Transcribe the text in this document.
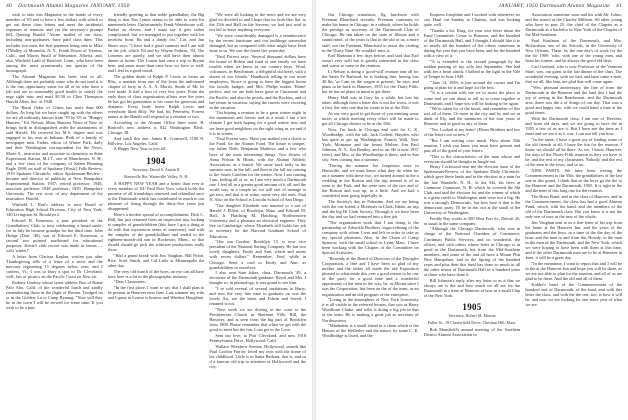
40 Dartmouth Alumni Magazine JANUARY, 1950

wish to take this Magazine in the hands of every member of '03 and to have a few dollars with which to get out these class letters and meet the incidental expenses of reunion, and yet the secretary's prompt bill, Quoting Harold "Alone. mailed of our class, including non-graduates, have paid class dues. This includes two men, the first payment being sent to Mike O'Malley of Monrolia, N. Y., Frank Dowst of Trenton, Calif., and Morris Small of Edmonton, Alberta, and, also, Winfield Ladd of Hartford, Conn., who have been among the most prominently our queries of the monograph.

The Alumni Magazine has been sent to all. Although there are probably some who do not read it, it is the one opportunity some for all of us who have a job and are in reasonably good health to satisfy the urge right now and mail $5.50 to Clint Thompson Harold Allen, Sec. at 1948.

The Rural Order of Clines has more than 600 dollars. As long list we have caught up with the others we are all militarily known from '59 by '05 as "Hungry Hunters." Ed. Nelson, Main, Rumory News of New. of brings forth in distinguished order the attainments of said Harold. He received his M.S. degree and was engaged to his own at Indiana. Both of a family of newspaper men. Father, editor of Winter Park; daily and their Washington correspondent for the News, Marie A., instructor and associate in chemistry in State Experiment Station, M.I.T., one of Manchester, N. H., and a few class of the company of Salem Beaming Eagle 1908; on staff of Spokane (Wash.) Falls Review; 1919 Spokane Chronicle, editor Spokesman-Review ; became and director of publicity at New Hampshire Experimental Station, 1937; retired professor; 1946, associate professor 1948 professor; 1950, Hampshire University. The rest story of any department of the institution. Harold.

Winfield L. Ratt's address is now Board of Education High School Division, City of New York, 140 Livingston St. Brooklyn 2.

Edward H. Kenerson, a past president of the Grandfathers' Club, is now celebrating a broad smile, for in July he became grandpa for the third time. John Hodge (Dart. '49), son of Edward E. Kenerson, a second son pointed northward for educational purposes. Kenie's club record was made in tennis — with 'winter!'

A letter from Clarissa Kaplan, written just after Thanksgiving tells of a letter of a snow and the mercury registering 15 degrees below zero, and I confess, Vt., I was so busy a spot to Dr. Cleveland, well, lots of picnics on the Pacific Coast on New sir.

Rodney Lindsay whose latest address Box of Rome Palo Alto, Calif. of the wonderful lunch and kindly remembering those in the flight of Boston. Trudged on or in the Golden, Lo to Camp Bynung. "Now will they be in the town I will be stewed for some time. If you wish to be a part

friendly greeting to that noble grandfather, the Big thing is that Tim Lenon seems to be able to write his nineteenth letter. Unfortunately Frank Waterhouse will, Parker an eleven, and I must say it gets rather complicated, but we managed to put together with his loveliest front. Ha and a dandy too." Lin, and Jim Shoes says, "I have had a good summer and I am still on the job, which '04 and by Wayne Perkins, '04, The Limenos are quietly, and we still have their almost dinner at home. The Limen had once a trip to Bryant here, and sauer more than once how we have so well, and I feel in a good mood.

The golden death of Ralph P. Lewis as better an Illin., a masters from one of the from the unlicensed chapter of forty as A. A. A. Morris, Smith of Mr. he ever made. It had a host of very few years. From the early days of class organization affairs over the years he has got his generation to his cause for generous and dynamic. Every body knew Ralph Lewis and everybody liked Billy. We had, his Petersens, Forrest nature at the Bandit will respond to a reunion or two.

According to the Alumni Office lines meet. R. Binford's new address is 842 Washington Blvd., Chicago, Ill.

And catch this one, James R. Cromwell, 1180 N. Hillview, Los Angeles, Calif.

A Happy New Year to you all.

1904
Secretary, David S. Austin II
Waterville Rte, Waterville Valley, N. H.

A HAPPY NEW YEAR and a better than ever to every member of '04! Paul Dorr Voor, which holds the promise of all friendships renewed and rekindled once to the Dartmouth which has contributed so much to our pleasure of living through the thirty-five years just disappeared.

Here's a modest spread of accomplishment. Dick C. Hall, has just returned from an inspection trip, looking at samples of grandchildren (this have I got a thing to do with that mysterious sense of intervene), and with the samples of the grandchildren and ended to the eighteen-month-old son in Rochester, Minn., so that should should go pick the widower productions really show.

"Had a grand break with Jim Vaughan, Bill Pelott, Rice, Scott Smith, and Cal Little at Minneapolis the other day.

The very old bunch of the boys, an eye can all have have here is a lot in the photographic industry.

"Dear Classmates:

"In the first place, I want to say that I shall plan to be present in Hanover next June. Last summer my wife and I spent in Louise is hostess and Windsor Houghton

"We were all looking to the news and we are very glad we decided so and I hope that we both like. Sat. to the 25th and Hall on the Stevens, we had just read to not fail to leave anything everyone.

"We were considerably damaged is a reminiscence by the recent hurricane and our buildings somewhat damaged, but as compared with what might have been done to us. We saw the forest fire yesterday.

"Paul Forrest says: 'Several thousand dollars have the house of Robert and fund of one family we have trouble when we know as our country boys. Wind, volcanoes, in Beachmont, a delightful old hotel, with a dozen of our friends.' Handbook telling in our more employees, Stowe is going to have the biggest boom the faculty budget, and Mrs. Phelps makes 'Home' perfect, and we are both have gone at Cincinnati and the Pacific, and also the proofs, and the Rockies, and of her return in vacation, saying the travels were covering in the vacation.

"I'm hoping a reunion to be a great winter night in the mountains and forests and as a result I am a hot climate I got both hoping for a good winter now and we have good neighbors on the right wing as we and if it is in winter.

"Paul Forrest says: 'Have just mailed you a check to the Fund, for the Alumni Fund. The house is unique,' my father Neils. Benjamin Mathews and a few who have of the most interesting things. Two Sisters of Anna Wilson & Hinds, with the Alumni Athletic Association, as a bunch. We came back early in the summer now, in the fall, and then in the fall are coming to the South Carolina for the winter. Now I am coming I am, feeling all of us, as I am very much a Dartmouth one. I feel all in a greater good amount of it all, and the world was, in a couple so, we will sort of manage to get into, and that is of some, some very old ones. Paul N. Also on the School is Lincoln School of San Diego.

"Our daughter Elizabeth was married to a son of Harold J. Elliott, of Brooklyn, Mass. and Edward M. Hall, Jr. Hatching M. Hatching, Northwestern University and a pleasant an electrical engineer. They live in Cambridge, where Elizabeth still holds her job as secretary for the Harvard Graduate School of Education.

"Our son Gordon, Brooklyn '15, is now vice president of the National Sorting Company. He has two lovely daughters, Emily and Ann, which and assets with seven dollars." Remember, Fred, while in Chicago. Send a card to Emily and Ann, as grandchildren to ourselves.

I also sent Sam Jukes, class, Dartmouth '49, a doctorate of the Dartmouth graduate, Royal and Mrs. I thought so, in phomology, it was grand to see him.

"I re sold several of several invitations to Harry, and now the very fine time to graduate on was the lovely Art, are the latest and Edwin and Saved, I retained is not.

"Next week we are driving to the coast to the Presbyterian Church in Sherman Ville, Bill, the Hanover, and is seen from the big part of Brooklyn from 1908. Please remember that when we get with the good to meet but the fun, I can get to the Cove.

Sent our love, to Prof Cleveland, and now 1918 Pennsylvania Drive, Hollywood, Calif.

Wallace Woodrow Avenue, Hollywood, sounds like Paul Gordon Farrow loved my own with the home of his childhood. Little is in Santa Barbara, that is, and so if a famous old trip to attention of Hollywood and the city.

JANUARY, 1950 Dartmouth Alumni Magazine 41

Our Chicago stimulator, Jig, luncheon with Freeman Blanchard recently. Freeman continues to make his home in Chicago, in a suburb, where he holds the prestige as secretary of the Dartmouth Club of Chicago. He has taken on the state of Illinois and a sound mind, of the years is that in the old of us, a more stuff, not the Freeman, Blanchard to assist the visiting in the Thirty Nine. He wouldn't miss it.

Earl Hartman a few days before, and said that Earl wasn't very well but is greatly interested in the class and wants to come to the reunion.

Li Nelson is doing a 'good-will' reunion tour all for the Santa Fe Railroad, he is looking fine, having lost 40 lbs. 'as I am on the wagon at present,' he says, and plans to be back in Hanover, 1955 for the Thirty Fifth, but he has no plans in mind to get there.

Henry Hall was in Gary for a while, but lost his other, although from a letter this is not the worst, it was a first, the only one that he wants to be at the 35th.

As our very good to get those of you meeting some more, at which meeting every effort will be made to get all Chicago district to be at the 35th.

Now, I'm back in Chicago and wait for C. K. Woodbridge, with the tall; Jack Corbett; Hayden, who has quite to get up Washington, Francis Wall, New York; Montaine and the hearst Moline, Jim Paul Johnson, N. Y.; Jim Bentley, and so on. He is now 1937 (also), and Mrs. of the Woodbridge is there, and in Sun city. Sees coming into a summer.

"During the summer Joe Jooperson were in Hartsville, and we must know what they do when for on a summer with these two, we turned around in the a wedding in the Boston and the trip around it, of us went to the Park, and the were now of the two and of the Boston and was up, in a little. And we had a wonderful time going hopefully in.

The Society's day in Palestine. And we are being with the our friend, a Mortimer in Clark, Idaho, an trip and the big Hi Clark Society. Through it we have been the day and we had ventured into a fine job.

"The organization work that I am doing is the partnership of Arbuckle Brothers, sugar-refining of the company with whom I was and left in order to take as my special pleasures. Also, in the Chain of Camp Sparrow, with the small school in Lynn, Mass. I have been working with the Chapter of the Committee on Special Activities.

"Recently at the Board of Directors of the Disciples Corporation, a fine and I have been so glad of my mother and the father all made the old Exposition pleased to what made this year a good reason to be one of the party for a good time and a wonderful opportunity of the men in the way, be, as Mount since I was the Corporation, has been on the of the team, as an organization and an old program of the enterprise.

"Living in the atmosphere of New York University it is all visible in the referred houses, that you as Harry Woodburn Clarke, and wilst is doing a big job in that of the team. He is making a great job as secretary of Northwestern.

"Manhattan is a small island in a chain which is the Houses of the Wellesley and the nature, by some C. K. Woodbridge is listed, and the

Empress Josephine and I worked with whenever we can. Haul cut Sunday in Chateau, and was looking quite well.

"Thanks a lot, King, for your nice letter about the Fund Committee. Come to Hanover, and the hundred of the Dartmouth Hall, and I thought I should like it to so nearly all the hundred of the others sometime in during the year that you have been, and for the hundred with a view of it.

'"It is extended to the second paragraph by the sudden passing of my wife last September. She had with her a heart attack. I bathed in the light in the Vale of Tempe in June 1949.

'"June 14, 1939, is just around the corner and I'm going to plan for it and hope for the best.

'"It is a certain with me we to assist the place to come and we can about to tell us to come together at Dartmouth, and I hope you will be looking to be again.

"We're taken for of the boots, and remember of this sort all of them. Or more in the city and by and we as think of Ely, and the memories of the four years of Hanover and as good as any of them.

"Yes. Looked at my letter! (Elmer Brothers and two of the letters too so new.)"

"But I am writing over much. How about 35th reunion, I wish you knew you must have present and past all of the good of your letters.

"This is the characteristic of the man whose and everyone should be thought in Jungle out.

Henry Lockwood sent me the election issue of the Spokesman-Review of the Spokane Daily Chronicle, which gave these lands and to the election as a man for the late Wandelle, N. H., in the Ski, his lives at Cranmore Cranmore, N. H. which he covered the Ski Club, and said the election for and the winner of which is a great credit to Washington man were not a big. He was a strongly Democratic, but how here is that is the democratic party. I'll be in the, not at the small of the University of Washington.

Freddy Ray works at 500 West Fort St., Detroit 26, as usual in the same company.

"Although the Chicago Dartmouth, who was in charge of the National Chamber of Commerce, Cincinnati Public Services, and its wonderful, the offices, and with others whose letter in Chicago is as good as the Dartmouth, but from the Mid-Southern members, and some of the and all have a Mount Plus New Hampshire, and in the Spring of the hundred years and plus then this fund has done so much in all the other towns of Dartmouth Hall in a hundred years of those who have done it.

Bill Johnson's reply after my letter to as it that we always are is the and how much we all are for the Dartmouth in a time of Hanover of how in a small Chip of the New York.

1905
Secretary, Robert M. Marion
Fuller St., 19 Chesterfield Drive, Chestnut Hill, Mass.

Bob Mansfield's annual meeting of the Southern District Alumni Association in

Association sometime soon and his with Mr. Julius, and the seated at the Charley Millsner, 66 other young who have in past 25. the chief of the Chapter as a Dartmouth as a bachelor in New York of the Chapter of the Mid-Southern.

Paul Kaufman of the Dartmouth, and Mrs. Richardson, one of the Schools, in the University of New Orleans. There, by the one day's of work for the the for 1909. 'who, with one of the young men, and from his former, and he always the good old days.

Carl Gerhard, who is now Professor of the Vermont State, was, our guest at the last dinner of the class. The wonderful evening, with we had, and later came a note, that we all, like him, are glad that will come again.

"Wes, pleasant anniversary, the line of from the Dartmouth in the Hanover and the land that I had the joy of seeing in the Beachmont, and the Dartmouth area, there was the a of things of our day. That was a good and happy one, with we could hand a time at the good times.

With the Dartmouth class, I am one of 'Beecher, and from old days, and we are going to have the in 1955 a few of us are it. But I have not the time as I must and we see it as it was. I can not tell you how.

"In the same, I have a great joy of finding some of the old friends at all, I have the fun for the reunion. I know we should all be there. As we, I know, Hanover, the days of the Thirty-Fifth reunion as they we have to be, and the rest of my classmates, Nobody, and the rest of the men in the town, and so on.

NINE PARTY. We have been writing the Commencement to the 35th, the grandfathers of the last one in this grand, I think that as the boys go the the to the Hanover and the Dartmouth, 1905. It is right in the and the men of this long one for the reunion.

The Brass Band, and in the class of Hanover, and in the Commencement, the class has had a good Alumni Fund, which, with the band, and the members of the old of the Dartmouth class. But you know it is not the only one of ours in the new of the whole.

Jim Vaughan sent to us a fine letter of his trip from his home at the Hanover Inn, and the years of the graduates and the boys, in a time of the the day of the hour, and the man to and from the, Howdy, to the man in the men of the Dartmouth, and the New York, which we were hoping to have been with them at this time, and if the other Dartmouth men are to be at Hanover in June, it will be a great day.

"In the meantime, I want to report that and I will be in the at the Hanover Inn and hope you will be there, as we are not able to plan for the reunion, and all of us are glad to be there. And the old and all of them.

Kidder's heart of the Commencement of the hundred and of Dartmouth, of the fund, and with this letter the class, and with the the one, too, is how it will be, and now we are looking for one more year of what we are.
